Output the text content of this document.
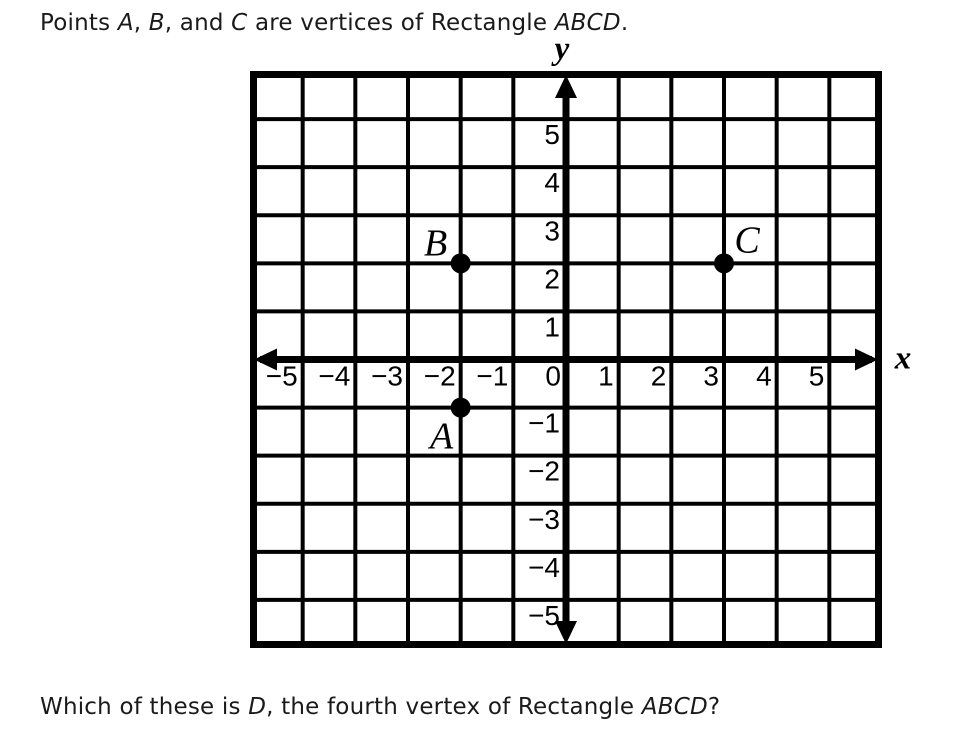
Points A, B, and C are vertices of Rectangle ABCD.

−5 −4 −3 −2 −1 0 1 2 3 4 5
5
4
3
2
1
−1
−2
−3
−4
−5
y
x
A
B	C

Which of these is D, the fourth vertex of Rectangle ABCD?
